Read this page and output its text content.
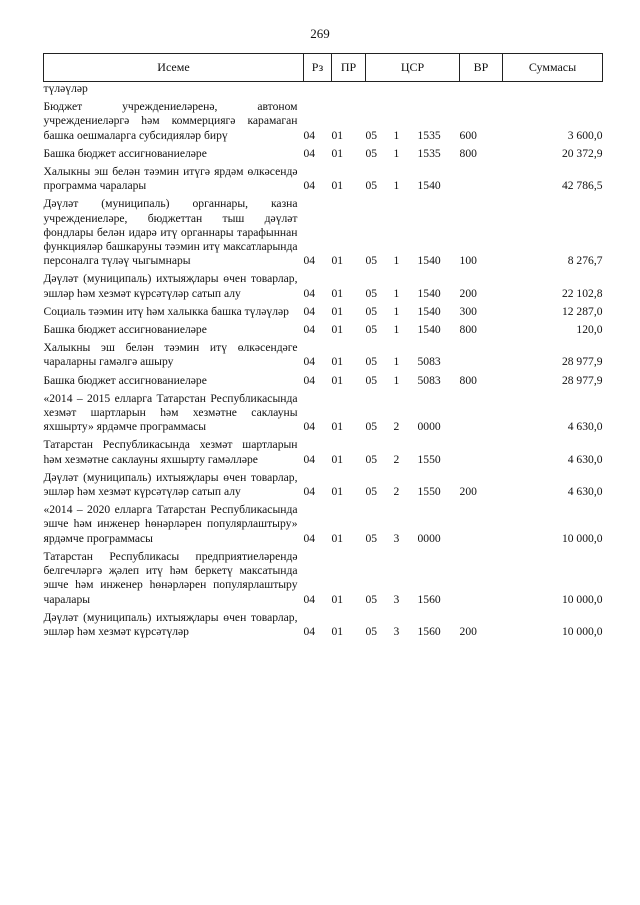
269
Исеме	Рз	ПР	ЦСР			ВР	Суммасы
түләүләр							
Бюджет учреждениеләренә, автоном учреждениеләргә һәм коммерциягә карамаган башка оешмаларга субсидияләр бирү	04	01	05	1	1535	600	3 600,0
Башка бюджет ассигнованиеләре	04	01	05	1	1535	800	20 372,9
Халыкны эш белән тәэмин итүгә ярдәм өлкәсендә программа чаралары	04	01	05	1	1540		42 786,5
Дәүләт (муниципаль) органнары, казна учреждениеләре, бюджеттан тыш дәүләт фондлары белән идарә итү органнары тарафыннан функцияләр башкаруны тәэмин итү максатларында персоналга түләү чыгымнары	04	01	05	1	1540	100	8 276,7
Дәүләт (муниципаль) ихтыяҗлары өчен товарлар, эшләр һәм хезмәт күрсәтүләр сатып алу	04	01	05	1	1540	200	22 102,8
Социаль тәэмин итү һәм халыкка башка түләүләр	04	01	05	1	1540	300	12 287,0
Башка бюджет ассигнованиеләре	04	01	05	1	1540	800	120,0
Халыкны эш белән тәэмин итү өлкәсендәге чараларны гамәлгә ашыру	04	01	05	1	5083		28 977,9
Башка бюджет ассигнованиеләре	04	01	05	1	5083	800	28 977,9
«2014 – 2015 елларга Татарстан Республикасында хезмәт шартларын һәм хезмәтне саклауны яхшырту» ярдәмче программасы	04	01	05	2	0000		4 630,0
Татарстан Республикасында хезмәт шартларын һәм хезмәтне саклауны яхшырту гамәлләре	04	01	05	2	1550		4 630,0
Дәүләт (муниципаль) ихтыяҗлары өчен товарлар, эшләр һәм хезмәт күрсәтүләр сатып алу	04	01	05	2	1550	200	4 630,0
«2014 – 2020 елларга Татарстан Республикасында эшче һәм инженер һөнәрләрен популярлаштыру» ярдәмче программасы	04	01	05	3	0000		10 000,0
Татарстан Республикасы предприятиеләрендә белгечләргә җәлеп итү һәм беркетү максатында эшче һәм инженер һөнәрләрен популярлаштыру чаралары	04	01	05	3	1560		10 000,0
Дәүләт (муниципаль) ихтыяҗлары өчен товарлар, эшләр һәм хезмәт күрсәтүләр	04	01	05	3	1560	200	10 000,0
